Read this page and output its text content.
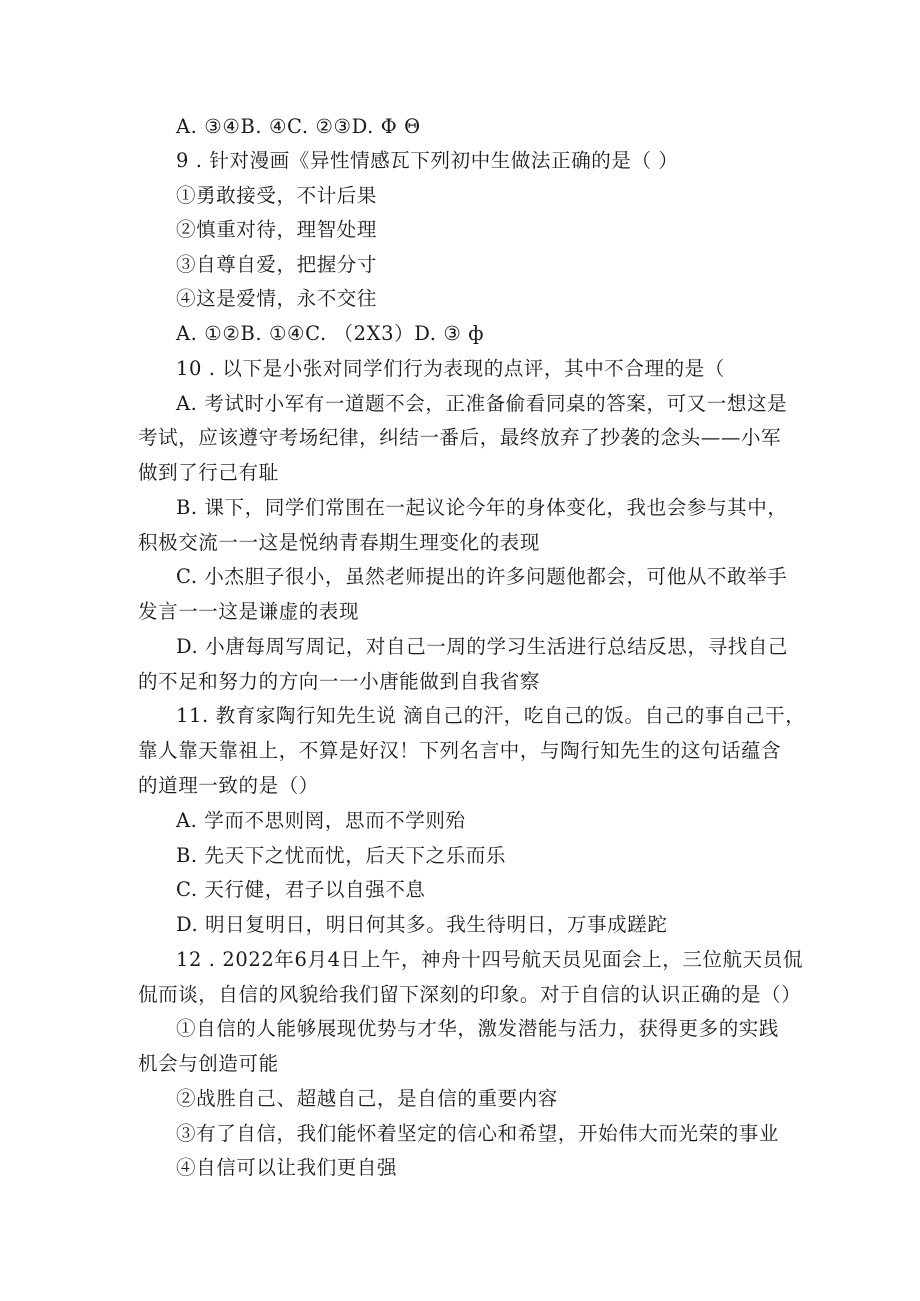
A. ③④B. ④C. ②③D. Φ Θ
9 . 针对漫画《异性情感瓦下列初中生做法正确的是（ ）
①勇敢接受，不计后果
②慎重对待，理智处理
③自尊自爱，把握分寸
④这是爱情，永不交往
A. ①②B. ①④C. （2X3）D. ③ ф
10 . 以下是小张对同学们行为表现的点评，其中不合理的是（
A. 考试时小军有一道题不会，正准备偷看同桌的答案，可又一想这是
考试，应该遵守考场纪律，纠结一番后，最终放弃了抄袭的念头——小军
做到了行己有耻
B. 课下，同学们常围在一起议论今年的身体变化，我也会参与其中，
积极交流一一这是悦纳青春期生理变化的表现
C. 小杰胆子很小，虽然老师提出的许多问题他都会，可他从不敢举手
发言一一这是谦虚的表现
D. 小唐每周写周记，对自己一周的学习生活进行总结反思，寻找自己
的不足和努力的方向一一小唐能做到自我省察
11. 教育家陶行知先生说 滴自己的汗，吃自己的饭。自己的事自己干，
靠人靠天靠祖上，不算是好汉！下列名言中，与陶行知先生的这句话蕴含
的道理一致的是（）
A. 学而不思则罔，思而不学则殆
B. 先天下之忧而忧，后天下之乐而乐
C. 天行健，君子以自强不息
D. 明日复明日，明日何其多。我生待明日，万事成蹉跎
12 . 2022年6月4日上午，神舟十四号航天员见面会上，三位航天员侃
侃而谈，自信的风貌给我们留下深刻的印象。对于自信的认识正确的是（）
①自信的人能够展现优势与才华，激发潜能与活力，获得更多的实践
机会与创造可能
②战胜自己、超越自己，是自信的重要内容
③有了自信，我们能怀着坚定的信心和希望，开始伟大而光荣的事业
④自信可以让我们更自强
